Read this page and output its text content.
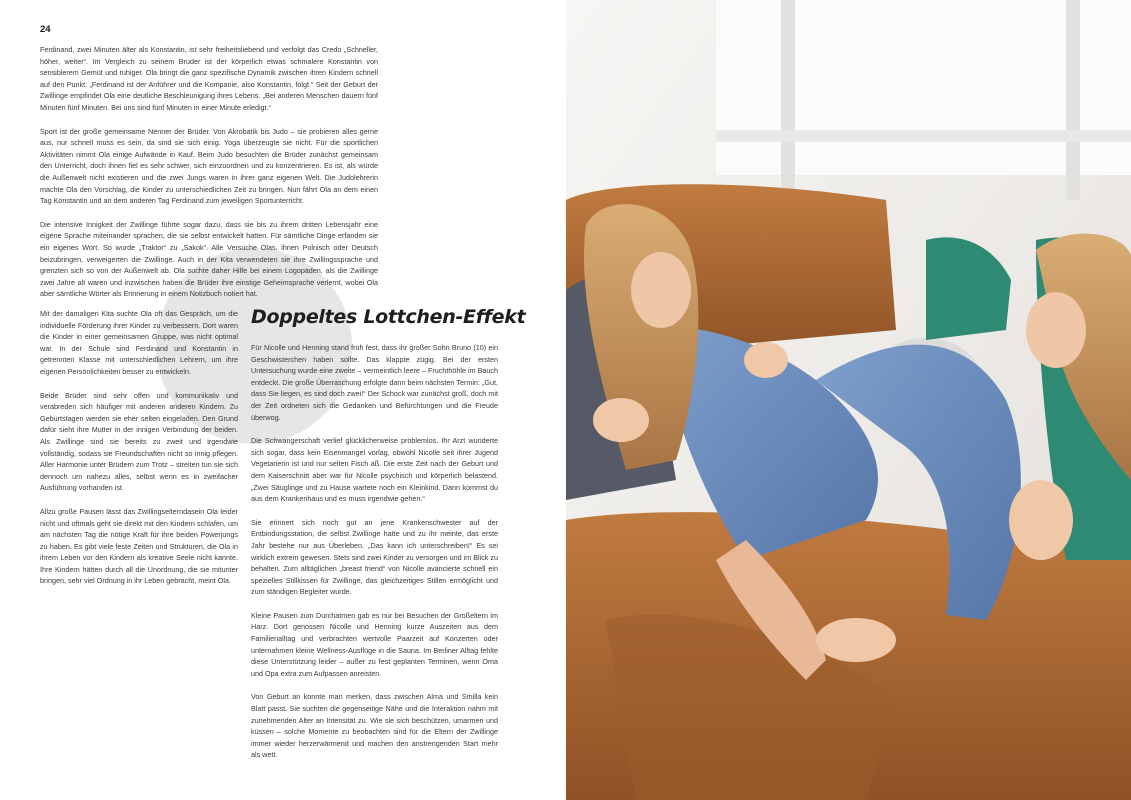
24

Ferdinand, zwei Minuten älter als Konstantin, ist sehr freiheitsliebend und verfolgt das Credo „Schneller, höher, weiter“. Im Vergleich zu seinem Bruder ist der körperlich etwas schmalere Konstantin von sensiblerem Gemüt und ruhiger. Ola bringt die ganz spezifische Dynamik zwischen ihren Kindern schnell auf den Punkt: „Ferdinand ist der Anführer und die Kompanie, also Konstantin, folgt.“ Seit der Geburt der Zwillinge empfindet Ola eine deutliche Beschleunigung ihres Lebens. „Bei anderen Menschen dauern fünf Minuten fünf Minuten. Bei uns sind fünf Minuten in einer Minute erledigt.“

Sport ist der große gemeinsame Nenner der Brüder. Von Akrobatik bis Judo – sie probieren alles gerne aus, nur schnell muss es sein, da sind sie sich einig. Yoga überzeugte sie nicht. Für die sportlichen Aktivitäten nimmt Ola einige Aufwände in Kauf. Beim Judo besuchten die Brüder zunächst gemeinsam den Unterricht, doch ihnen fiel es sehr schwer, sich einzuordnen und zu konzentrieren. Es ist, als würde die Außenwelt nicht existieren und die zwei Jungs waren in ihrer ganz eigenen Welt. Die Judolehrerin machte Ola den Vorschlag, die Kinder zu unterschiedlichen Zeit zu bringen. Nun fährt Ola an dem einen Tag Konstantin und an dem anderen Tag Ferdinand zum jeweiligen Sportunterricht.

Die intensive Innigkeit der Zwillinge führte sogar dazu, dass sie bis zu ihrem dritten Lebensjahr eine eigene Sprache miteinander sprachen, die sie selbst entwickelt hatten. Für sämtliche Dinge erfanden sie ein eigenes Wort. So wurde „Traktor“ zu „Sakok“. Alle Versuche Olas, ihnen Polnisch oder Deutsch beizubringen, verweigerten die Zwillinge. Auch in der Kita verwendeten sie ihre Zwillingssprache und grenzten sich so von der Außenwelt ab. Ola suchte daher Hilfe bei einem Logopäden, als die Zwillinge zwei Jahre alt waren und inzwischen haben die Brüder ihre einstige Geheimsprache verlernt, wobei Ola aber sämtliche Wörter als Erinnerung in einem Notizbuch notiert hat.

Mit der damaligen Kita suchte Ola oft das Gespräch, um die individuelle Förderung ihrer Kinder zu verbessern. Dort waren die Kinder in einer gemeinsamen Gruppe, was nicht optimal war. In der Schule sind Ferdinand und Konstantin in getrennten Klasse mit unterschiedlichen Lehrern, um ihre eigenen Persönlichkeiten besser zu entwickeln.

Beide Brüder sind sehr offen und kommunikativ und verabreden sich häufiger mit anderen anderen Kindern. Zu Geburtstagen werden sie eher selten eingeladen. Den Grund dafür sieht ihre Mutter in der innigen Verbindung der beiden. Als Zwillinge sind sie bereits zu zweit und irgendwie vollständig, sodass sie Freundschaften nicht so innig pflegen. Aller Harmonie unter Brüdern zum Trotz – streiten tun sie sich dennoch um nahezu alles, selbst wenn es in zweifacher Ausführung vorhanden ist.

Allzu große Pausen lässt das Zwillingselterndasein Ola leider nicht und oftmals geht sie direkt mit den Kindern schlafen, um am nächsten Tag die nötige Kraft für ihre beiden Powerjungs zu haben. Es gibt viele feste Zeiten und Strukturen, die Ola in ihrem Leben vor den Kindern als kreative Seele nicht kannte. Ihre Kindern hätten durch all die Unordnung, die sie mitunter bringen, sehr viel Ordnung in ihr Leben gebracht, meint Ola.

Doppeltes Lottchen-Effekt

Für Nicolle und Henning stand früh fest, dass ihr großer Sohn Bruno (10) ein Geschwisterchen haben sollte. Das klappte zügig. Bei der ersten Untersuchung wurde eine zweite – vermeintlich leere – Fruchthöhle im Bauch entdeckt. Die große Überraschung erfolgte dann beim nächsten Termin: „Gut, dass Sie liegen, es sind doch zwei!“ Der Schock war zunächst groß, doch mit der Zeit ordneten sich die Gedanken und Befürchtungen und die Freude überwog.

Die Schwangerschaft verlief glücklicherweise problemlos. Ihr Arzt wunderte sich sogar, dass kein Eisenmangel vorlag, obwohl Nicolle seit ihrer Jugend Vegetarierin ist und nur selten Fisch aß. Die erste Zeit nach der Geburt und dem Kaiserschnitt aber war für Nicolle psychisch und körperlich belastend. „Zwei Säuglinge und zu Hause wartete noch ein Kleinkind. Dann kommst du aus dem Krankenhaus und es muss irgendwie gehen.“

Sie erinnert sich noch gut an jene Krankenschwester auf der Entbindungsstation, die selbst Zwillinge hatte und zu ihr meinte, das erste Jahr bestehe nur aus Überleben. „Das kann ich unterschreiben!“ Es sei wirklich extrem gewesen. Stets sind zwei Kinder zu versorgen und im Blick zu behalten. Zum alltäglichen „breast friend“ von Nicolle avancierte schnell ein spezielles Stillkissen für Zwillinge, das gleichzeitiges Stillen ermöglicht und zum ständigen Begleiter wurde.

Kleine Pausen zum Durchatmen gab es nur bei Besuchen der Großeltern im Harz. Dort genossen Nicolle und Henning kurze Auszeiten aus dem Familienalltag und verbrachten wertvolle Paarzeit auf Konzerten oder unternahmen kleine Wellness-Ausflüge in die Sauna. Im Berliner Alltag fehlte diese Unterstützung leider – außer zu fest geplanten Terminen, wenn Oma und Opa extra zum Aufpassen anreisten.

Von Geburt an konnte man merken, dass zwischen Alma und Smilla kein Blatt passt. Sie suchten die gegenseitige Nähe und die Interaktion nahm mit zunehmenden Alter an Intensität zu. Wie sie sich beschützen, umarmen und küssen – solche Momente zu beobachten sind für die Eltern der Zwillinge immer wieder herzerwärmend und machen den anstrengenden Start mehr als wett.
